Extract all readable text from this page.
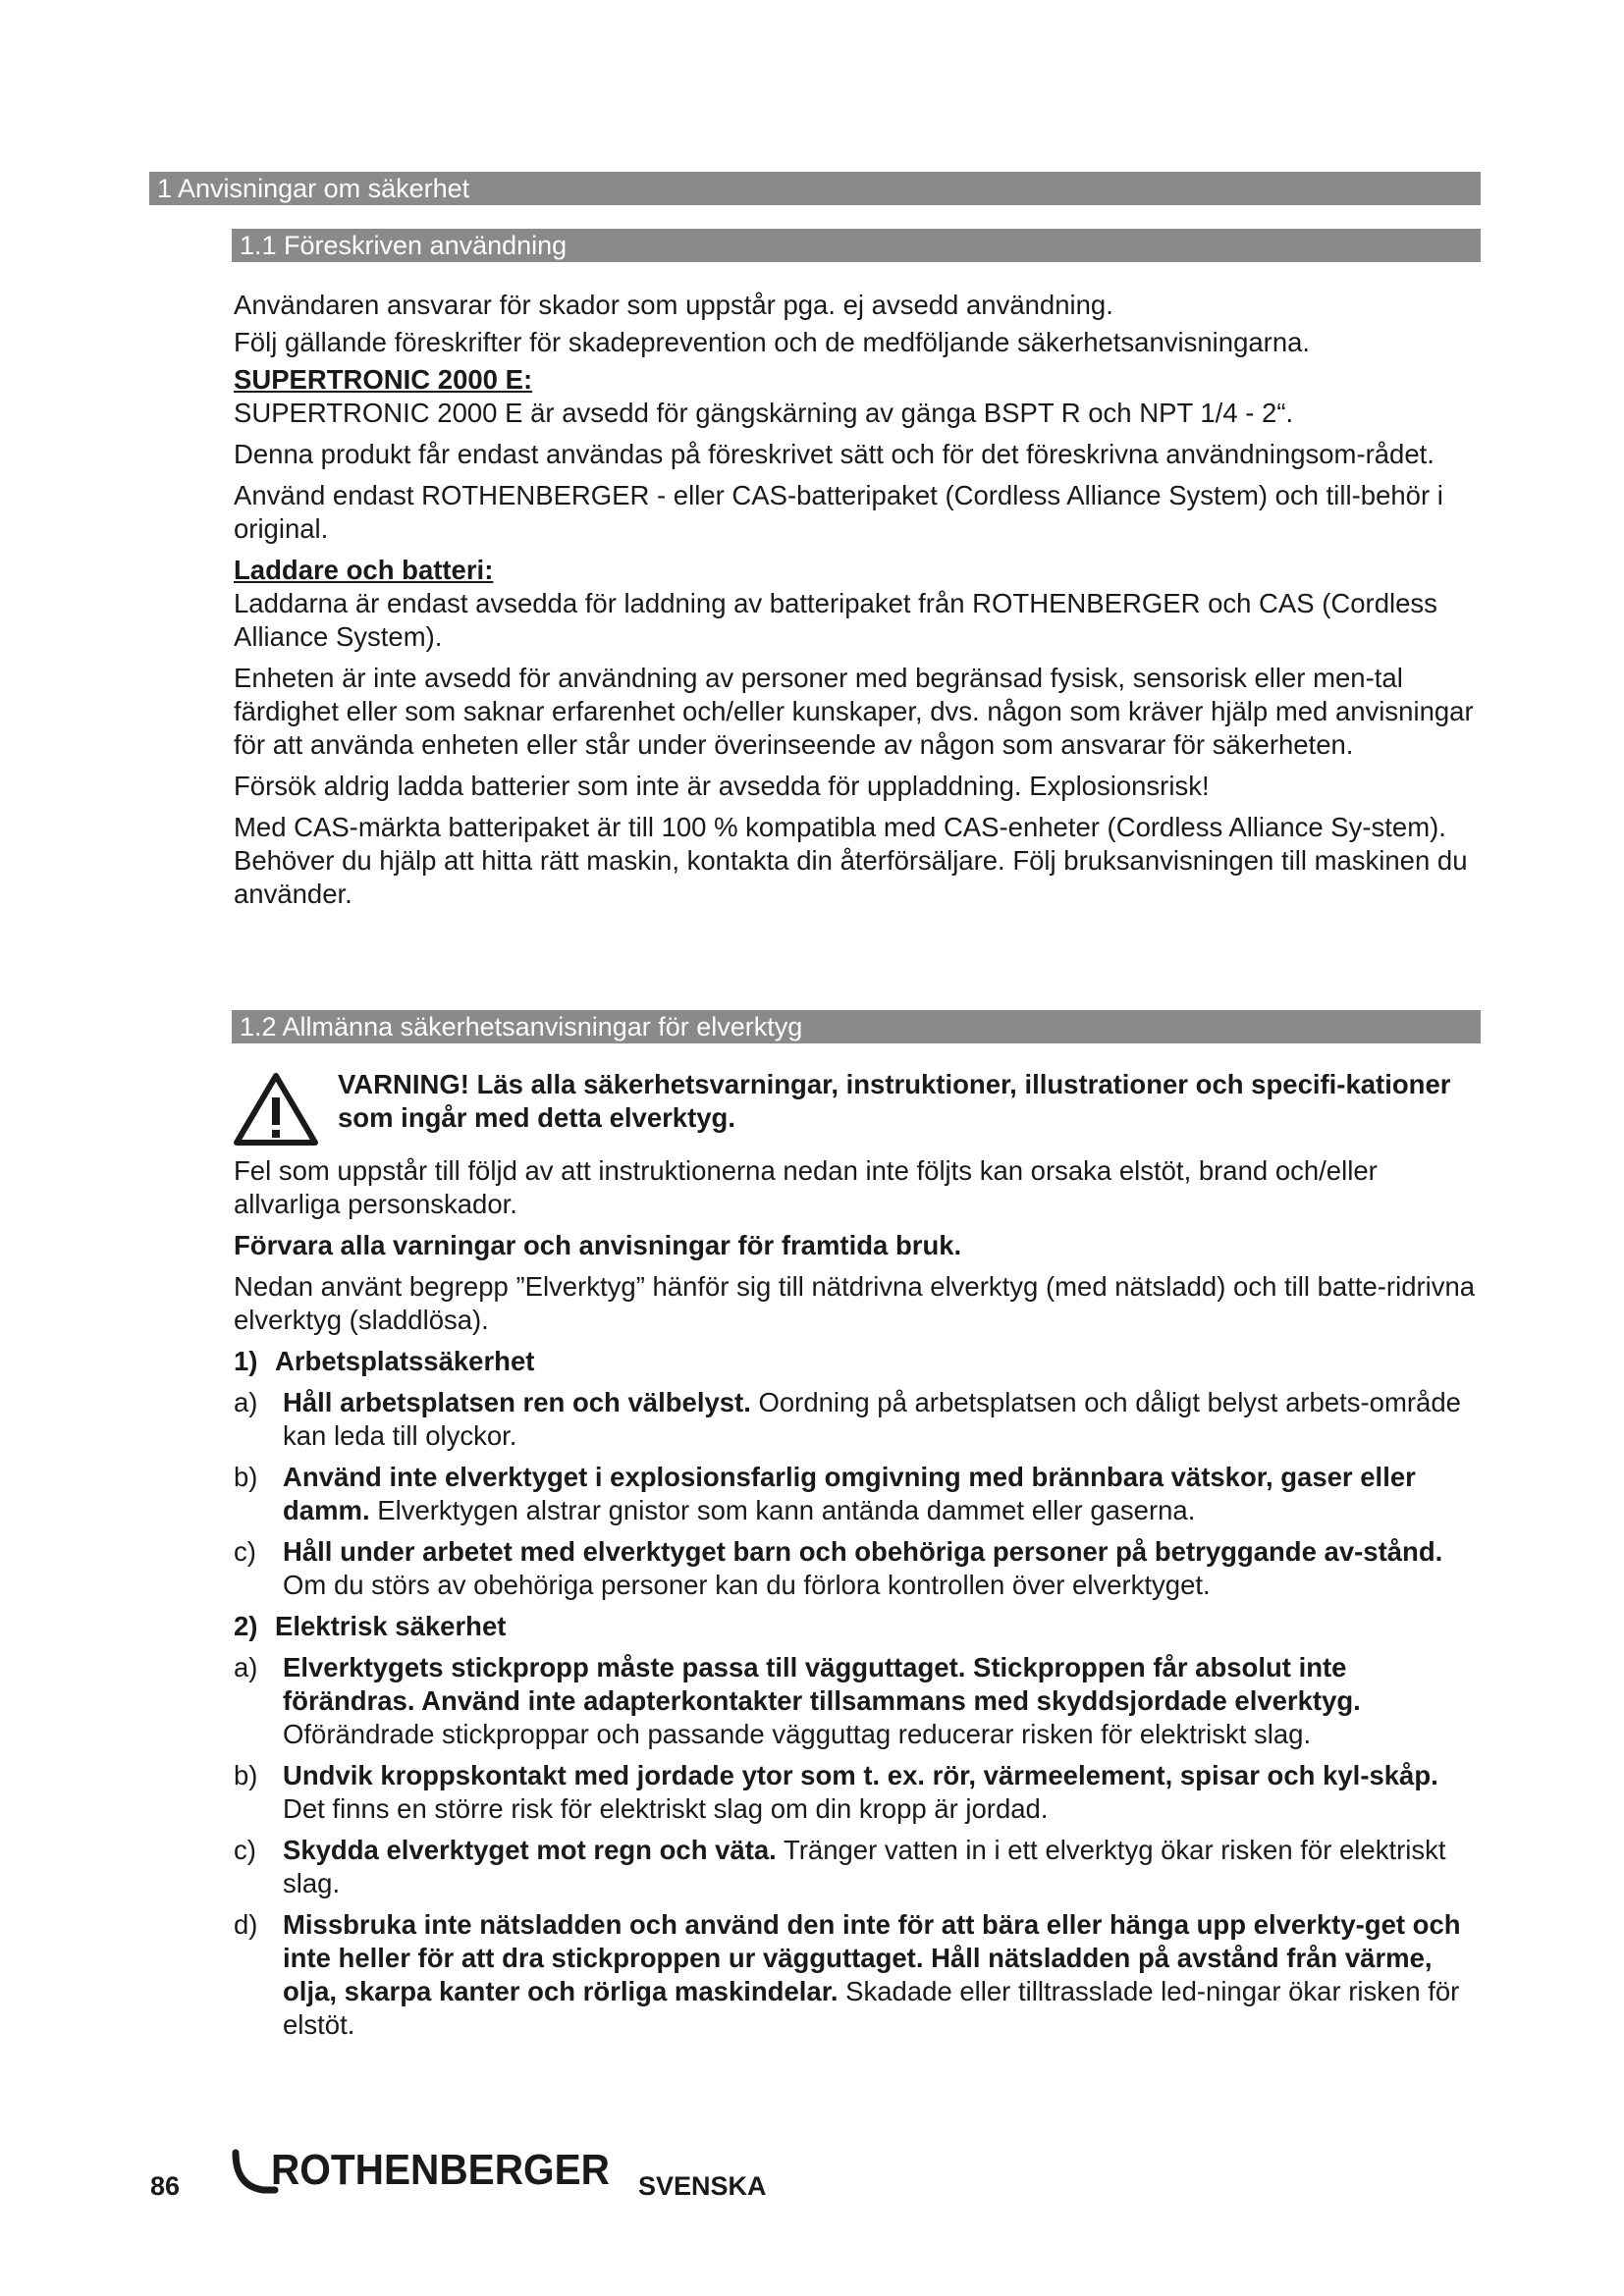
1 Anvisningar om säkerhet
1.1 Föreskriven användning

Användaren ansvarar för skador som uppstår pga. ej avsedd användning.

Följ gällande föreskrifter för skadeprevention och de medföljande säkerhetsanvisningarna.

SUPERTRONIC 2000 E:

SUPERTRONIC 2000 E är avsedd för gängskärning av gänga BSPT R och NPT 1/4 - 2“.

Denna produkt får endast användas på föreskrivet sätt och för det föreskrivna användningsom-rådet.

Använd endast ROTHENBERGER - eller CAS-batteripaket (Cordless Alliance System) och till-behör i original.

Laddare och batteri:

Laddarna är endast avsedda för laddning av batteripaket från ROTHENBERGER och CAS (Cordless Alliance System).

Enheten är inte avsedd för användning av personer med begränsad fysisk, sensorisk eller men-tal färdighet eller som saknar erfarenhet och/eller kunskaper, dvs. någon som kräver hjälp med anvisningar för att använda enheten eller står under överinseende av någon som ansvarar för säkerheten.

Försök aldrig ladda batterier som inte är avsedda för uppladdning. Explosionsrisk!

Med CAS-märkta batteripaket är till 100 % kompatibla med CAS-enheter (Cordless Alliance Sy-stem). Behöver du hjälp att hitta rätt maskin, kontakta din återförsäljare. Följ bruksanvisningen till maskinen du använder.

1.2 Allmänna säkerhetsanvisningar för elverktyg

VARNING! Läs alla säkerhetsvarningar, instruktioner, illustrationer och specifi-kationer som ingår med detta elverktyg.

Fel som uppstår till följd av att instruktionerna nedan inte följts kan orsaka elstöt, brand och/eller allvarliga personskador.

Förvara alla varningar och anvisningar för framtida bruk.

Nedan använt begrepp ”Elverktyg” hänför sig till nätdrivna elverktyg (med nätsladd) och till batte-ridrivna elverktyg (sladdlösa).

1) Arbetsplatssäkerhet
a) Håll arbetsplatsen ren och välbelyst. Oordning på arbetsplatsen och dåligt belyst arbets-område kan leda till olyckor.
b) Använd inte elverktyget i explosionsfarlig omgivning med brännbara vätskor, gaser eller damm. Elverktygen alstrar gnistor som kann antända dammet eller gaserna.
c) Håll under arbetet med elverktyget barn och obehöriga personer på betryggande av-stånd. Om du störs av obehöriga personer kan du förlora kontrollen över elverktyget.
2) Elektrisk säkerhet
a) Elverktygets stickpropp måste passa till vägguttaget. Stickproppen får absolut inte förändras. Använd inte adapterkontakter tillsammans med skyddsjordade elverktyg. Oförändrade stickproppar och passande vägguttag reducerar risken för elektriskt slag.
b) Undvik kroppskontakt med jordade ytor som t. ex. rör, värmeelement, spisar och kyl-skåp. Det finns en större risk för elektriskt slag om din kropp är jordad.
c) Skydda elverktyget mot regn och väta. Tränger vatten in i ett elverktyg ökar risken för elektriskt slag.
d) Missbruka inte nätsladden och använd den inte för att bära eller hänga upp elverkty-get och inte heller för att dra stickproppen ur vägguttaget. Håll nätsladden på avstånd från värme, olja, skarpa kanter och rörliga maskindelar. Skadade eller tilltrasslade led-ningar ökar risken för elstöt.
86 ROTHENBERGER SVENSKA
